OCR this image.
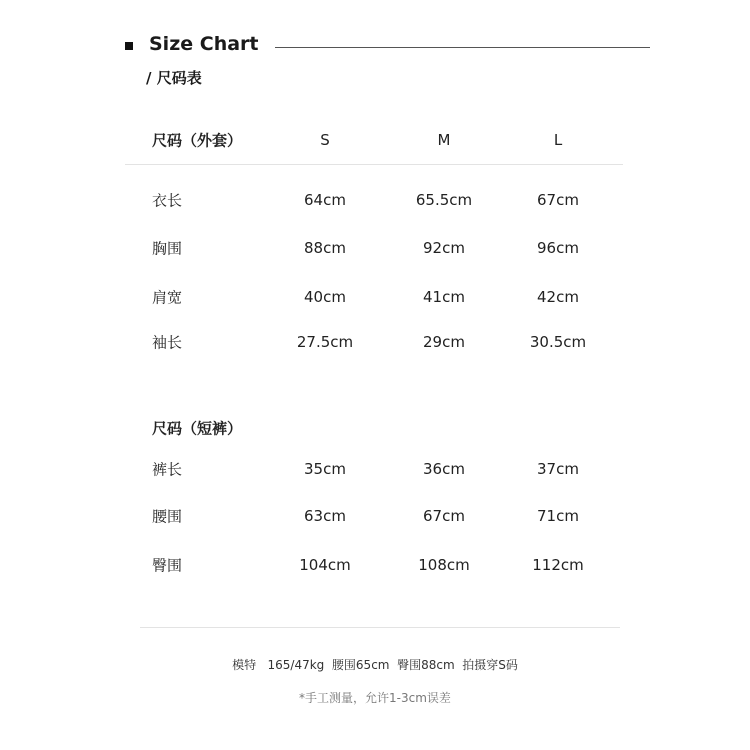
Size Chart
/ 尺码表
尺码（外套）	S	M	L
衣长	64cm	65.5cm	67cm
胸围	88cm	92cm	96cm
肩宽	40cm	41cm	42cm
袖长	27.5cm	29cm	30.5cm
尺码（短裤）
裤长	35cm	36cm	37cm
腰围	63cm	67cm	71cm
臀围	104cm	108cm	112cm
模特   165/47kg  腰围65cm  臀围88cm  拍摄穿S码
*手工测量，允许1-3cm误差
